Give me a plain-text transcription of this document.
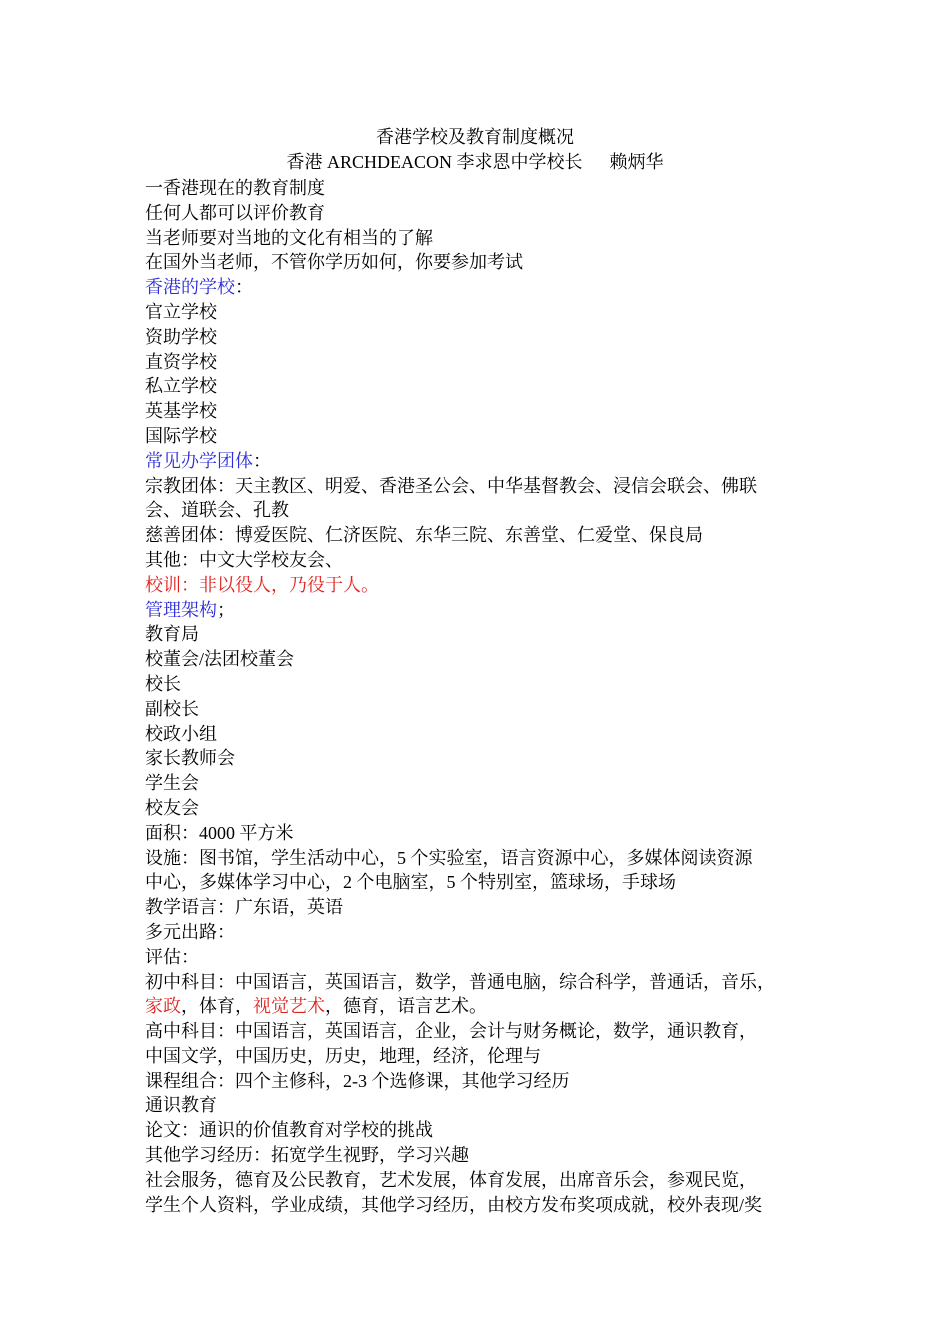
香港学校及教育制度概况
香港 ARCHDEACON 李求恩中学校长      赖炳华
一香港现在的教育制度
任何人都可以评价教育
当老师要对当地的文化有相当的了解
在国外当老师，不管你学历如何，你要参加考试
香港的学校：
官立学校
资助学校
直资学校
私立学校
英基学校
国际学校
常见办学团体：
宗教团体：天主教区、明爱、香港圣公会、中华基督教会、浸信会联会、佛联
会、道联会、孔教
慈善团体：博爱医院、仁济医院、东华三院、东善堂、仁爱堂、保良局
其他：中文大学校友会、
校训：非以役人，乃役于人。
管理架构；
教育局
校董会/法团校董会
校长
副校长
校政小组
家长教师会
学生会
校友会
面积：4000 平方米
设施：图书馆，学生活动中心，5 个实验室，语言资源中心，多媒体阅读资源
中心，多媒体学习中心，2 个电脑室，5 个特别室，篮球场，手球场
教学语言：广东语，英语
多元出路：
评估：
初中科目：中国语言，英国语言，数学，普通电脑，综合科学，普通话，音乐，
家政，体育，视觉艺术，德育，语言艺术。
高中科目：中国语言，英国语言，企业，会计与财务概论，数学，通识教育，
中国文学，中国历史，历史，地理，经济，伦理与
课程组合：四个主修科，2-3 个选修课，其他学习经历
通识教育
论文：通识的价值教育对学校的挑战
其他学习经历：拓宽学生视野，学习兴趣
社会服务，德育及公民教育，艺术发展，体育发展，出席音乐会，参观民览，
学生个人资料，学业成绩，其他学习经历，由校方发布奖项成就，校外表现/奖
